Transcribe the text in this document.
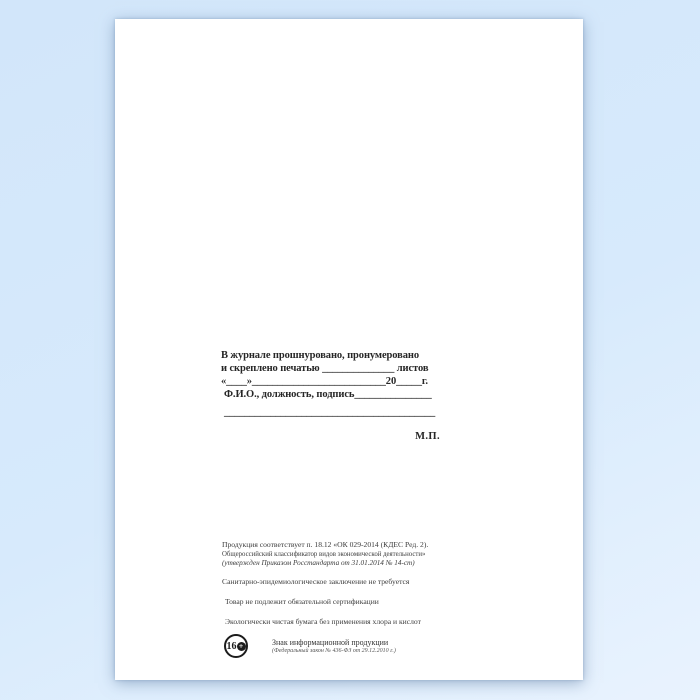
В журнале прошнуровано, пронумеровано
и скреплено печатью ______________ листов
«____»__________________________20_____г.
Ф.И.О., должность, подпись_______________
_________________________________________
М.П.
Продукция соответствует п. 18.12 «ОК 029-2014 (КДЕС Ред. 2).
Общероссийский классификатор видов экономической деятельности»
(утвержден Приказом Росстандарта от 31.01.2014 № 14-ст)
Санитарно-эпидемиологическое заключение не требуется
Товар не подлежит обязательной сертификации
Экологически чистая бумага без применения хлора и кислот
16 +	Знак информационной продукции
(Федеральный закон № 436-ФЗ от 29.12.2010 г.)
